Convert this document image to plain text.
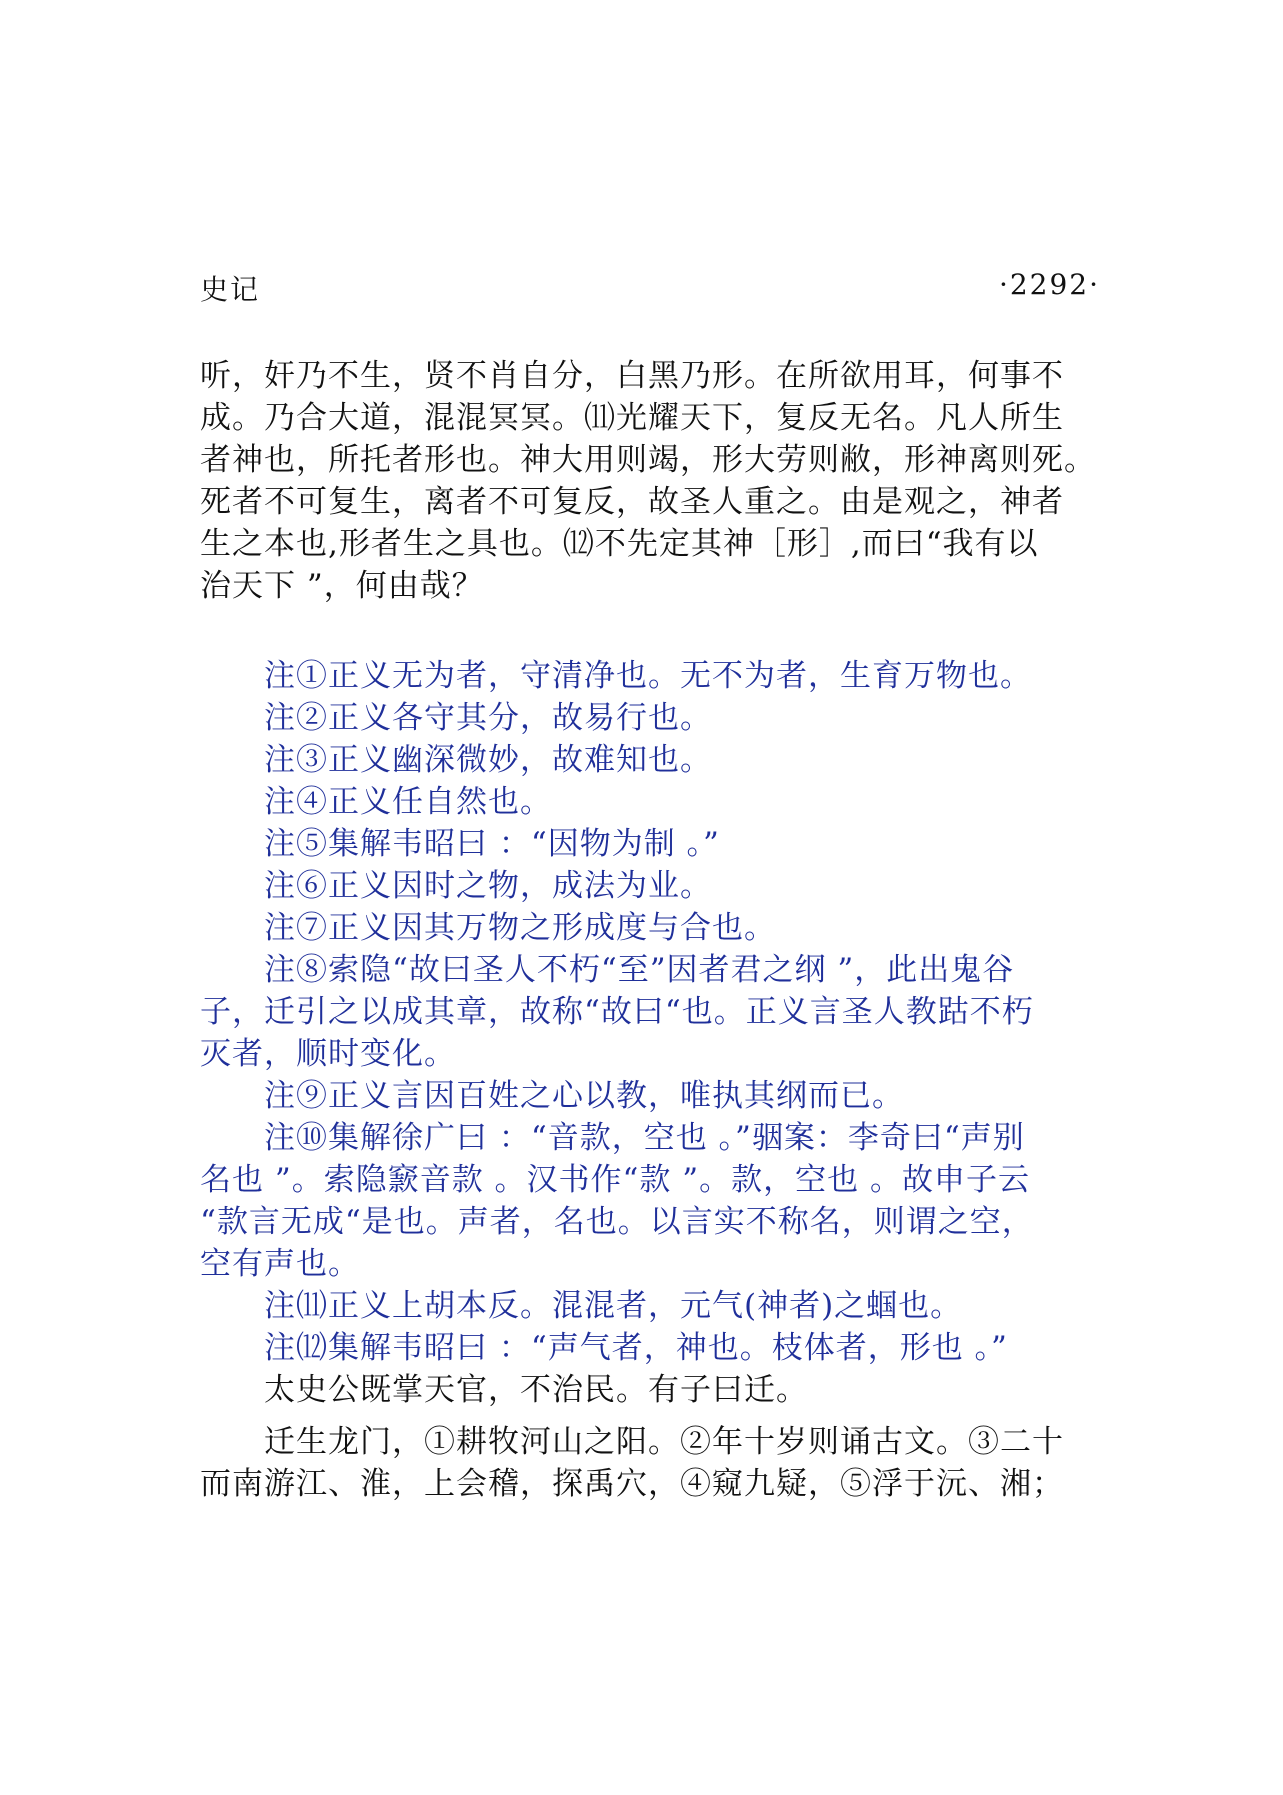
史记	·2292·
听，奸乃不生，贤不肖自分，白黑乃形。在所欲用耳，何事不
成。乃合大道，混混冥冥。⑾光耀天下，复反无名。凡人所生
者神也，所托者形也。神大用则竭，形大劳则敝，形神离则死。
死者不可复生，离者不可复反，故圣人重之。由是观之，神者
生之本也,形者生之具也。⑿不先定其神［形］,而曰“我有以
治天下 ”，何由哉？
注①正义无为者，守清净也。无不为者，生育万物也。
注②正义各守其分，故易行也。
注③正义幽深微妙，故难知也。
注④正义任自然也。
注⑤集解韦昭曰 ：“因物为制 。”
注⑥正义因时之物，成法为业。
注⑦正义因其万物之形成度与合也。
注⑧索隐“故曰圣人不朽“至”因者君之纲 ”，此出鬼谷
子，迁引之以成其章，故称“故曰“也。正义言圣人教跍不朽
灭者，顺时变化。
注⑨正义言因百姓之心以教，唯执其纲而已。
注⑩集解徐广曰 ：“音款，空也 。”骃案：李奇曰“声别
名也 ”。索隐窾音款 。汉书作“款 ”。款，空也 。故申子云
“款言无成“是也。声者，名也。以言实不称名，则谓之空，
空有声也。
注⑾正义上胡本反。混混者，元气(神者)之蝈也。
注⑿集解韦昭曰 ：“声气者，神也。枝体者，形也 。”
太史公既掌天官，不治民。有子曰迁。
迁生龙门，①耕牧河山之阳。②年十岁则诵古文。③二十
而南游江、淮，上会稽，探禹穴，④窥九疑，⑤浮于沅、湘；
